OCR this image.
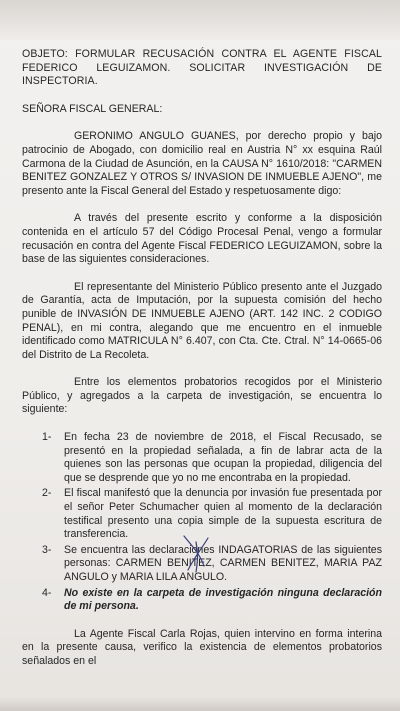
OBJETO: FORMULAR RECUSACIÓN CONTRA EL AGENTE FISCAL FEDERICO LEGUIZAMON. SOLICITAR INVESTIGACIÓN DE INSPECTORIA.

SEÑORA FISCAL GENERAL:

GERONIMO ANGULO GUANES, por derecho propio y bajo patrocinio de Abogado, con domicilio real en Austria N° xx esquina Raúl Carmona de la Ciudad de Asunción, en la CAUSA N° 1610/2018: "CARMEN BENITEZ GONZALEZ Y OTROS S/ INVASION DE INMUEBLE AJENO", me presento ante la Fiscal General del Estado y respetuosamente digo:

A través del presente escrito y conforme a la disposición contenida en el artículo 57 del Código Procesal Penal, vengo a formular recusación en contra del Agente Fiscal FEDERICO LEGUIZAMON, sobre la base de las siguientes consideraciones.

El representante del Ministerio Público presento ante el Juzgado de Garantía, acta de Imputación, por la supuesta comisión del hecho punible de INVASIÓN DE INMUEBLE AJENO (ART. 142 INC. 2 CODIGO PENAL), en mi contra, alegando que me encuentro en el inmueble identificado como MATRICULA N° 6.407, con Cta. Cte. Ctral. N° 14-0665-06 del Distrito de La Recoleta.

Entre los elementos probatorios recogidos por el Ministerio Público, y agregados a la carpeta de investigación, se encuentra lo siguiente:

1- En fecha 23 de noviembre de 2018, el Fiscal Recusado, se presentó en la propiedad señalada, a fin de labrar acta de la quienes son las personas que ocupan la propiedad, diligencia del que se desprende que yo no me encontraba en la propiedad.

2- El fiscal manifestó que la denuncia por invasión fue presentada por el señor Peter Schumacher quien al momento de la declaración testifical presento una copia simple de la supuesta escritura de transferencia.

3- Se encuentra las declaraciones INDAGATORIAS de las siguientes personas: CARMEN BENITEZ, CARMEN BENITEZ, MARIA PAZ ANGULO y MARIA LILA ANGULO.

4- No existe en la carpeta de investigación ninguna declaración de mi persona.

La Agente Fiscal Carla Rojas, quien intervino en forma interina en la presente causa, verifico la existencia de elementos probatorios señalados en el
